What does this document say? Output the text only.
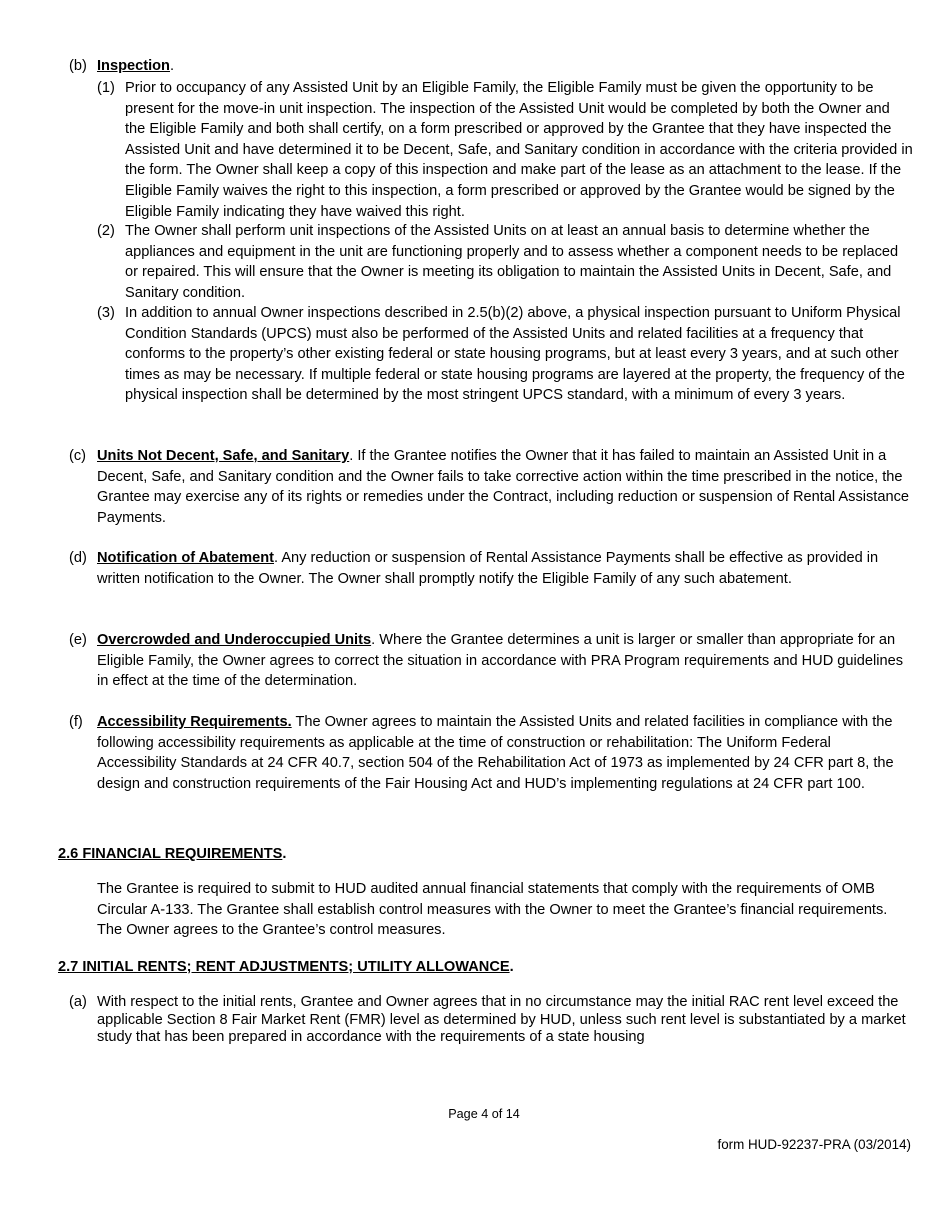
(b) Inspection.
(1) Prior to occupancy of any Assisted Unit by an Eligible Family, the Eligible Family must be given the opportunity to be present for the move-in unit inspection. The inspection of the Assisted Unit would be completed by both the Owner and the Eligible Family and both shall certify, on a form prescribed or approved by the Grantee that they have inspected the Assisted Unit and have determined it to be Decent, Safe, and Sanitary condition in accordance with the criteria provided in the form. The Owner shall keep a copy of this inspection and make part of the lease as an attachment to the lease. If the Eligible Family waives the right to this inspection, a form prescribed or approved by the Grantee would be signed by the Eligible Family indicating they have waived this right.
(2) The Owner shall perform unit inspections of the Assisted Units on at least an annual basis to determine whether the appliances and equipment in the unit are functioning properly and to assess whether a component needs to be replaced or repaired. This will ensure that the Owner is meeting its obligation to maintain the Assisted Units in Decent, Safe, and Sanitary condition.
(3) In addition to annual Owner inspections described in 2.5(b)(2) above, a physical inspection pursuant to Uniform Physical Condition Standards (UPCS) must also be performed of the Assisted Units and related facilities at a frequency that conforms to the property’s other existing federal or state housing programs, but at least every 3 years, and at such other times as may be necessary. If multiple federal or state housing programs are layered at the property, the frequency of the physical inspection shall be determined by the most stringent UPCS standard, with a minimum of every 3 years.
(c) Units Not Decent, Safe, and Sanitary. If the Grantee notifies the Owner that it has failed to maintain an Assisted Unit in a Decent, Safe, and Sanitary condition and the Owner fails to take corrective action within the time prescribed in the notice, the Grantee may exercise any of its rights or remedies under the Contract, including reduction or suspension of Rental Assistance Payments.
(d) Notification of Abatement. Any reduction or suspension of Rental Assistance Payments shall be effective as provided in written notification to the Owner. The Owner shall promptly notify the Eligible Family of any such abatement.
(e) Overcrowded and Underoccupied Units. Where the Grantee determines a unit is larger or smaller than appropriate for an Eligible Family, the Owner agrees to correct the situation in accordance with PRA Program requirements and HUD guidelines in effect at the time of the determination.
(f) Accessibility Requirements. The Owner agrees to maintain the Assisted Units and related facilities in compliance with the following accessibility requirements as applicable at the time of construction or rehabilitation: The Uniform Federal Accessibility Standards at 24 CFR 40.7, section 504 of the Rehabilitation Act of 1973 as implemented by 24 CFR part 8, the design and construction requirements of the Fair Housing Act and HUD’s implementing regulations at 24 CFR part 100.
2.6 FINANCIAL REQUIREMENTS.
The Grantee is required to submit to HUD audited annual financial statements that comply with the requirements of OMB Circular A-133. The Grantee shall establish control measures with the Owner to meet the Grantee’s financial requirements. The Owner agrees to the Grantee’s control measures.
2.7 INITIAL RENTS; RENT ADJUSTMENTS; UTILITY ALLOWANCE.
(a) With respect to the initial rents, Grantee and Owner agrees that in no circumstance may the initial RAC rent level exceed the applicable Section 8 Fair Market Rent (FMR) level as determined by HUD, unless such rent level is substantiated by a market study that has been prepared in accordance with the requirements of a state housing
Page 4 of 14
form HUD-92237-PRA (03/2014)
